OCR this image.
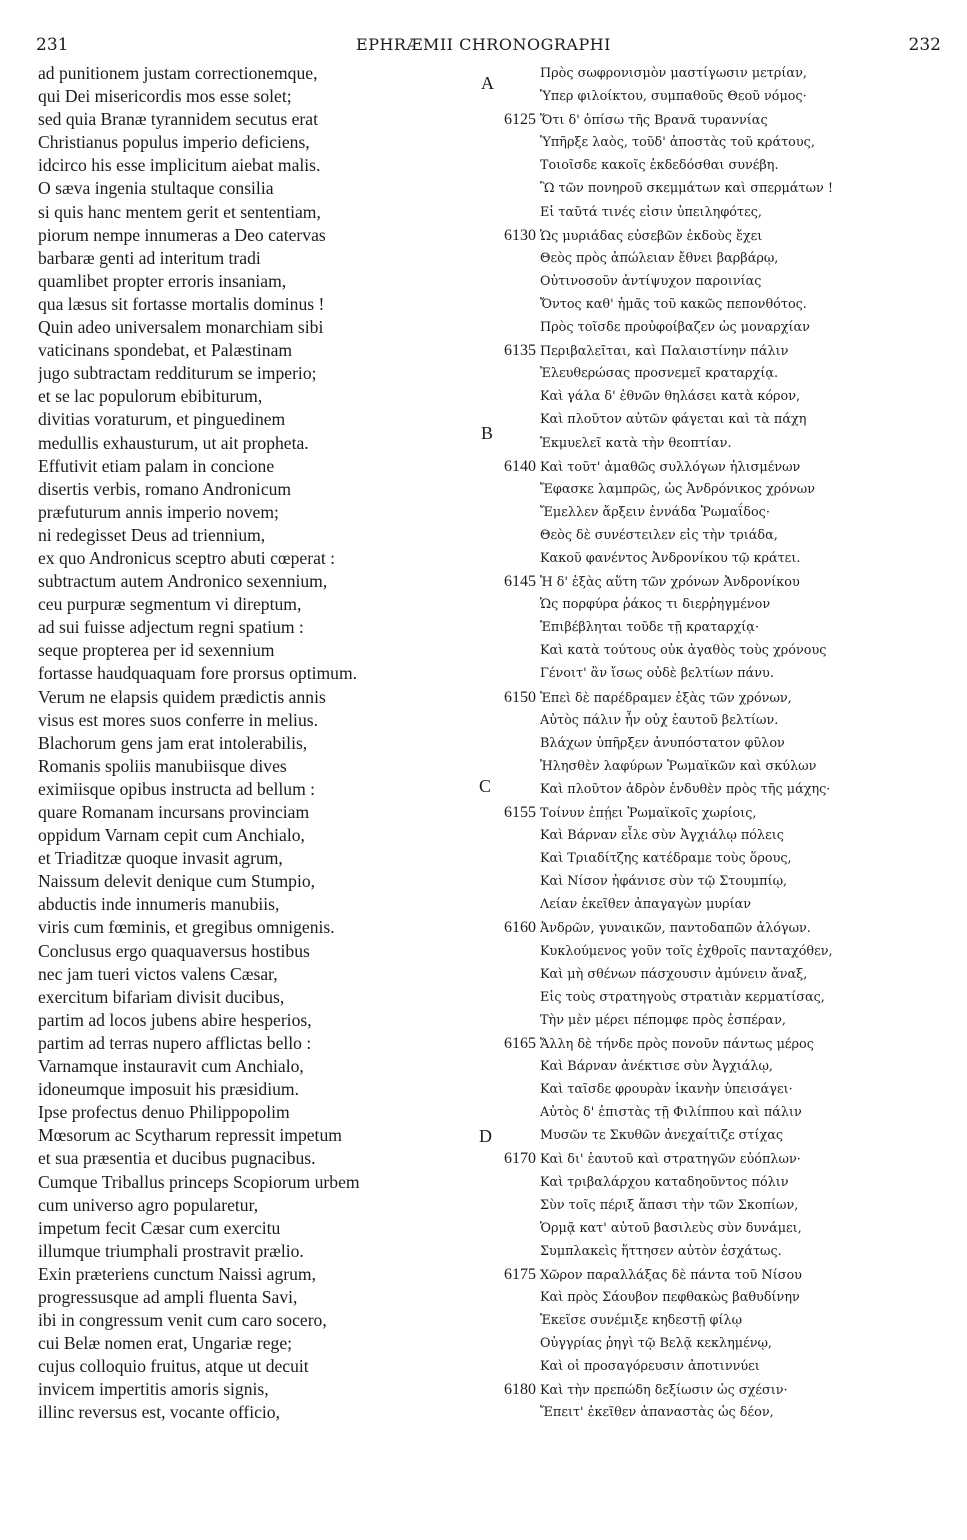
231	EPHRÆMII CHRONOGRAPHI	232
ad punitionem justam correctionemque,
qui Dei misericordis mos esse solet;
sed quia Branæ tyrannidem secutus erat
Christianus populus imperio deficiens,
idcirco his esse implicitum aiebat malis.
O sæva ingenia stultaque consilia
si quis hanc mentem gerit et sententiam,
piorum nempe innumeras a Deo catervas
barbaræ genti ad interitum tradi
quamlibet propter erroris insaniam,
qua læsus sit fortasse mortalis dominus !
Quin adeo universalem monarchiam sibi
vaticinans spondebat, et Palæstinam
jugo subtractam redditurum se imperio;
et se lac populorum ebibiturum,
divitias voraturum, et pinguedinem
medullis exhausturum, ut ait propheta.
Effutivit etiam palam in concione
disertis verbis, romano Andronicum
præfuturum annis imperio novem;
ni redegisset Deus ad triennium,
ex quo Andronicus sceptro abuti cœperat :
subtractum autem Andronico sexennium,
ceu purpuræ segmentum vi direptum,
ad sui fuisse adjectum regni spatium :
seque propterea per id sexennium
fortasse haudquaquam fore prorsus optimum.
Verum ne elapsis quidem prædictis annis
visus est mores suos conferre in melius.
Blachorum gens jam erat intolerabilis,
Romanis spoliis manubiisque dives
eximiisque opibus instructa ad bellum :
quare Romanam incursans provinciam
oppidum Varnam cepit cum Anchialo,
et Triaditzæ quoque invasit agrum,
Naissum delevit denique cum Stumpio,
abductis inde innumeris manubiis,
viris cum fœminis, et gregibus omnigenis.
Conclusus ergo quaquaversus hostibus
nec jam tueri victos valens Cæsar,
exercitum bifariam divisit ducibus,
partim ad locos jubens abire hesperios,
partim ad terras nupero afflictas bello :
Varnamque instauravit cum Anchialo,
idoneumque imposuit his præsidium.
Ipse profectus denuo Philippopolim
Mœsorum ac Scytharum repressit impetum
et sua præsentia et ducibus pugnacibus.
Cumque Triballus princeps Scopiorum urbem
cum universo agro popularetur,
impetum fecit Cæsar cum exercitu
illumque triumphali prostravit prælio.
Exin præteriens cunctum Naissi agrum,
progressusque ad ampli fluenta Savi,
ibi in congressum venit cum caro socero,
cui Belæ nomen erat, Ungariæ rege;
cujus colloquio fruitus, atque ut decuit
invicem impertitis amoris signis,
illinc reversus est, vocante officio,
Πρὸς σωφρονισμὸν μαστίγωσιν μετρίαν,
Ὑπερ φιλοίκτου, συμπαθοῦς Θεοῦ νόμος·
6125 Ὅτι δ' ὀπίσω τῆς Βρανᾶ τυραννίας
Ὑπῆρξε λαὸς, τοῦδ' ἀποστὰς τοῦ κράτους,
Τοιοῖσδε κακοῖς ἐκδεδόσθαι συνέβη.
Ὢ τῶν πονηροῦ σκεμμάτων καὶ σπερμάτων !
Εἰ ταῦτά τινές εἰσιν ὑπειληφότες,
6130 Ὡς μυριάδας εὐσεβῶν ἐκδοὺς ἔχει
Θεὸς πρὸς ἀπώλειαν ἔθνει βαρβάρῳ,
Οὐτινοσοῦν ἀντίψυχον παροινίας
Ὄντος καθ' ἡμᾶς τοῦ κακῶς πεπονθότος.
Πρὸς τοῖσδε προὐφοίβαζεν ὡς μοναρχίαν
6135 Περιβαλεῖται, καὶ Παλαιστίνην πάλιν
Ἐλευθερώσας προσνεμεῖ κραταρχίᾳ.
Καὶ γάλα δ' ἐθνῶν θηλάσει κατὰ κόρον,
Καὶ πλοῦτον αὐτῶν φάγεται καὶ τὰ πάχη
Ἐκμυελεῖ κατὰ τὴν θεοπτίαν.
6140 Καὶ τοῦτ' ἀμαθῶς συλλόγων ἠλισμένων
Ἔφασκε λαμπρῶς, ὡς Ἀνδρόνικος χρόνων
Ἔμελλεν ἄρξειν ἐννάδα Ῥωμαΐδος·
Θεὸς δὲ συνέστειλεν εἰς τὴν τριάδα,
Κακοῦ φανέντος Ἀνδρονίκου τῷ κράτει.
6145 Ἡ δ' ἑξὰς αὕτη τῶν χρόνων Ἀνδρονίκου
Ὡς πορφύρα ῥάκος τι διερῥηγμένον
Ἐπιβέβληται τοῦδε τῇ κραταρχίᾳ·
Καὶ κατὰ τούτους οὐκ ἀγαθὸς τοὺς χρόνους
Γένοιτ' ἂν ἴσως οὐδὲ βελτίων πάνυ.
6150 Ἐπεὶ δὲ παρέδραμεν ἑξὰς τῶν χρόνων,
Αὐτὸς πάλιν ἦν οὐχ ἑαυτοῦ βελτίων.
Βλάχων ὑπῆρξεν ἀνυπόστατον φῦλον
Ἠλησθὲν λαφύρων Ῥωμαϊκῶν καὶ σκύλων
Καὶ πλοῦτον ἀδρὸν ἐνδυθὲν πρὸς τῆς μάχης·
6155 Τοίνυν ἐπῄει Ῥωμαϊκοῖς χωρίοις,
Καὶ Βάρναν εἷλε σὺν Ἀγχιάλῳ πόλεις
Καὶ Τριαδίτζης κατέδραμε τοὺς ὅρους,
Καὶ Νίσον ἠφάνισε σὺν τῷ Στουμπίῳ,
Λείαν ἐκεῖθεν ἀπαγαγὼν μυρίαν
6160 Ἀνδρῶν, γυναικῶν, παντοδαπῶν ἀλόγων.
Κυκλούμενος γοῦν τοῖς ἐχθροῖς πανταχόθεν,
Καὶ μὴ σθένων πάσχουσιν ἀμύνειν ἄναξ,
Εἰς τοὺς στρατηγοὺς στρατιὰν κερματίσας,
Τὴν μὲν μέρει πέπομφε πρὸς ἑσπέραν,
6165 Ἄλλη δὲ τήνδε πρὸς πονοῦν πάντως μέρος
Καὶ Βάρναν ἀνέκτισε σὺν Ἀγχιάλῳ,
Καὶ ταῖσδε φρουρὰν ἱκανὴν ὑπεισάγει·
Αὐτὸς δ' ἐπιστὰς τῇ Φιλίππου καὶ πάλιν
Μυσῶν τε Σκυθῶν ἀνεχαίτιζε στίχας
6170 Καὶ δι' ἑαυτοῦ καὶ στρατηγῶν εὐόπλων·
Καὶ τριβαλάρχου καταδηοῦντος πόλιν
Σὺν τοῖς πέριξ ἅπασι τὴν τῶν Σκοπίων,
Ὁρμᾷ κατ' αὐτοῦ βασιλεὺς σὺν δυνάμει,
Συμπλακεὶς ἥττησεν αὐτὸν ἐσχάτως.
6175 Χῶρον παραλλάξας δὲ πάντα τοῦ Νίσου
Καὶ πρὸς Σάουβον πεφθακὼς βαθυδίνην
Ἐκεῖσε συνέμιξε κηδεστῇ φίλῳ
Οὐγγρίας ῥηγὶ τῷ Βελᾷ κεκλημένῳ,
Καὶ οἱ προσαγόρευσιν ἀποτιννύει
6180 Καὶ τὴν πρεπώδη δεξίωσιν ὡς σχέσιν·
Ἔπειτ' ἐκεῖθεν ἀπαναστὰς ὡς δέον,
A
B
C
D
